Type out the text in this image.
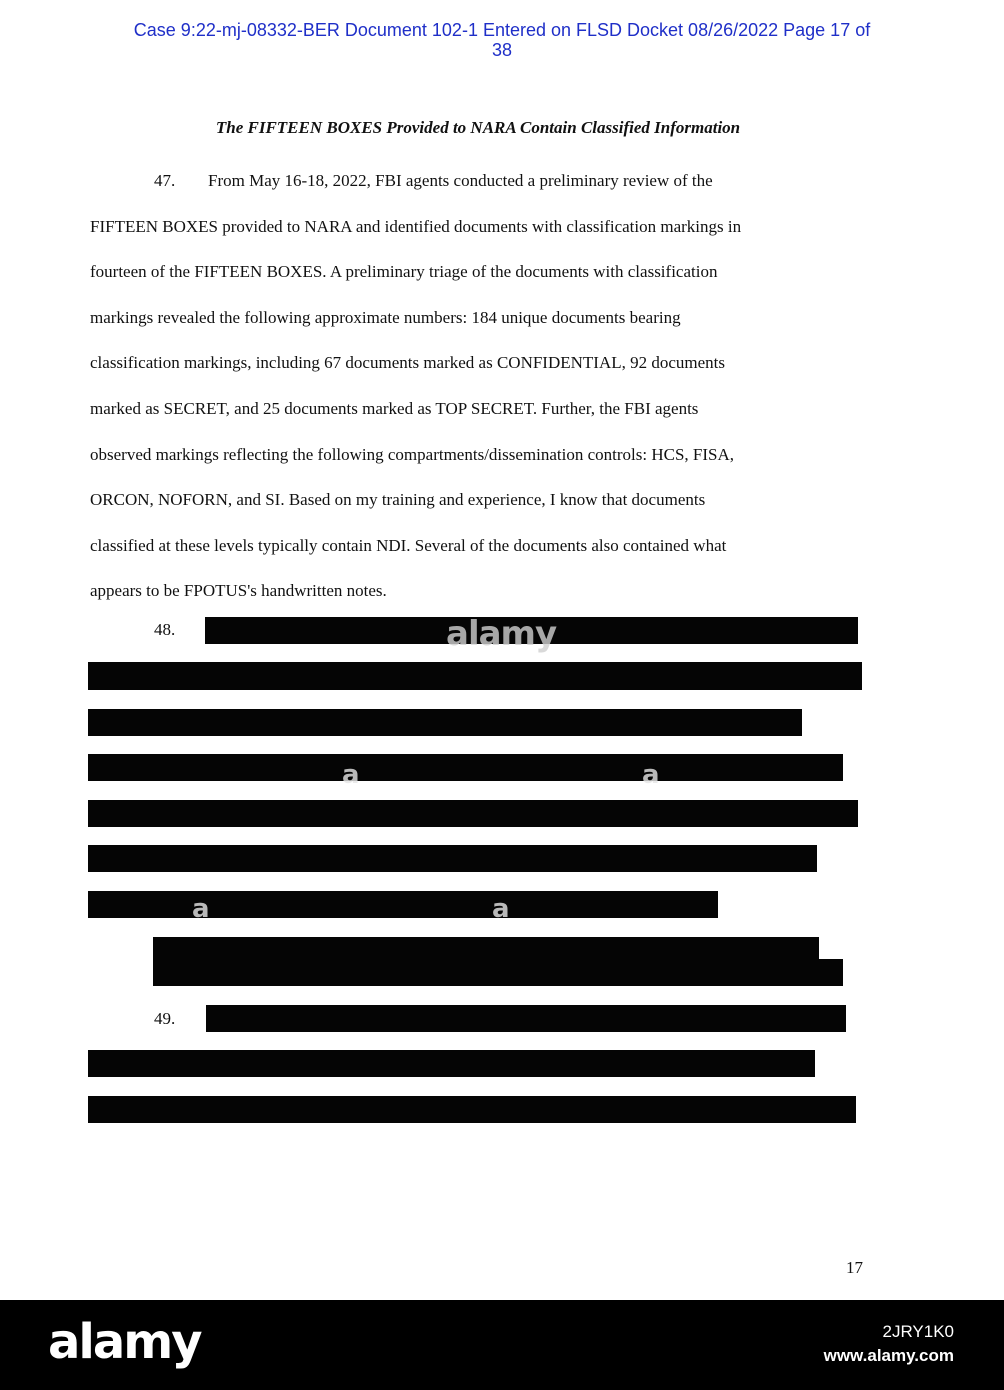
Case 9:22-mj-08332-BER Document 102-1 Entered on FLSD Docket 08/26/2022 Page 17 of
38
The FIFTEEN BOXES Provided to NARA Contain Classified Information
47. From May 16-18, 2022, FBI agents conducted a preliminary review of the
FIFTEEN BOXES provided to NARA and identified documents with classification markings in
fourteen of the FIFTEEN BOXES. A preliminary triage of the documents with classification
markings revealed the following approximate numbers: 184 unique documents bearing
classification markings, including 67 documents marked as CONFIDENTIAL, 92 documents
marked as SECRET, and 25 documents marked as TOP SECRET. Further, the FBI agents
observed markings reflecting the following compartments/dissemination controls: HCS, FISA,
ORCON, NOFORN, and SI. Based on my training and experience, I know that documents
classified at these levels typically contain NDI. Several of the documents also contained what
appears to be FPOTUS's handwritten notes.
48.
49.
alamy
a	a
a	a
17
alamy	2JRY1K0
www.alamy.com
